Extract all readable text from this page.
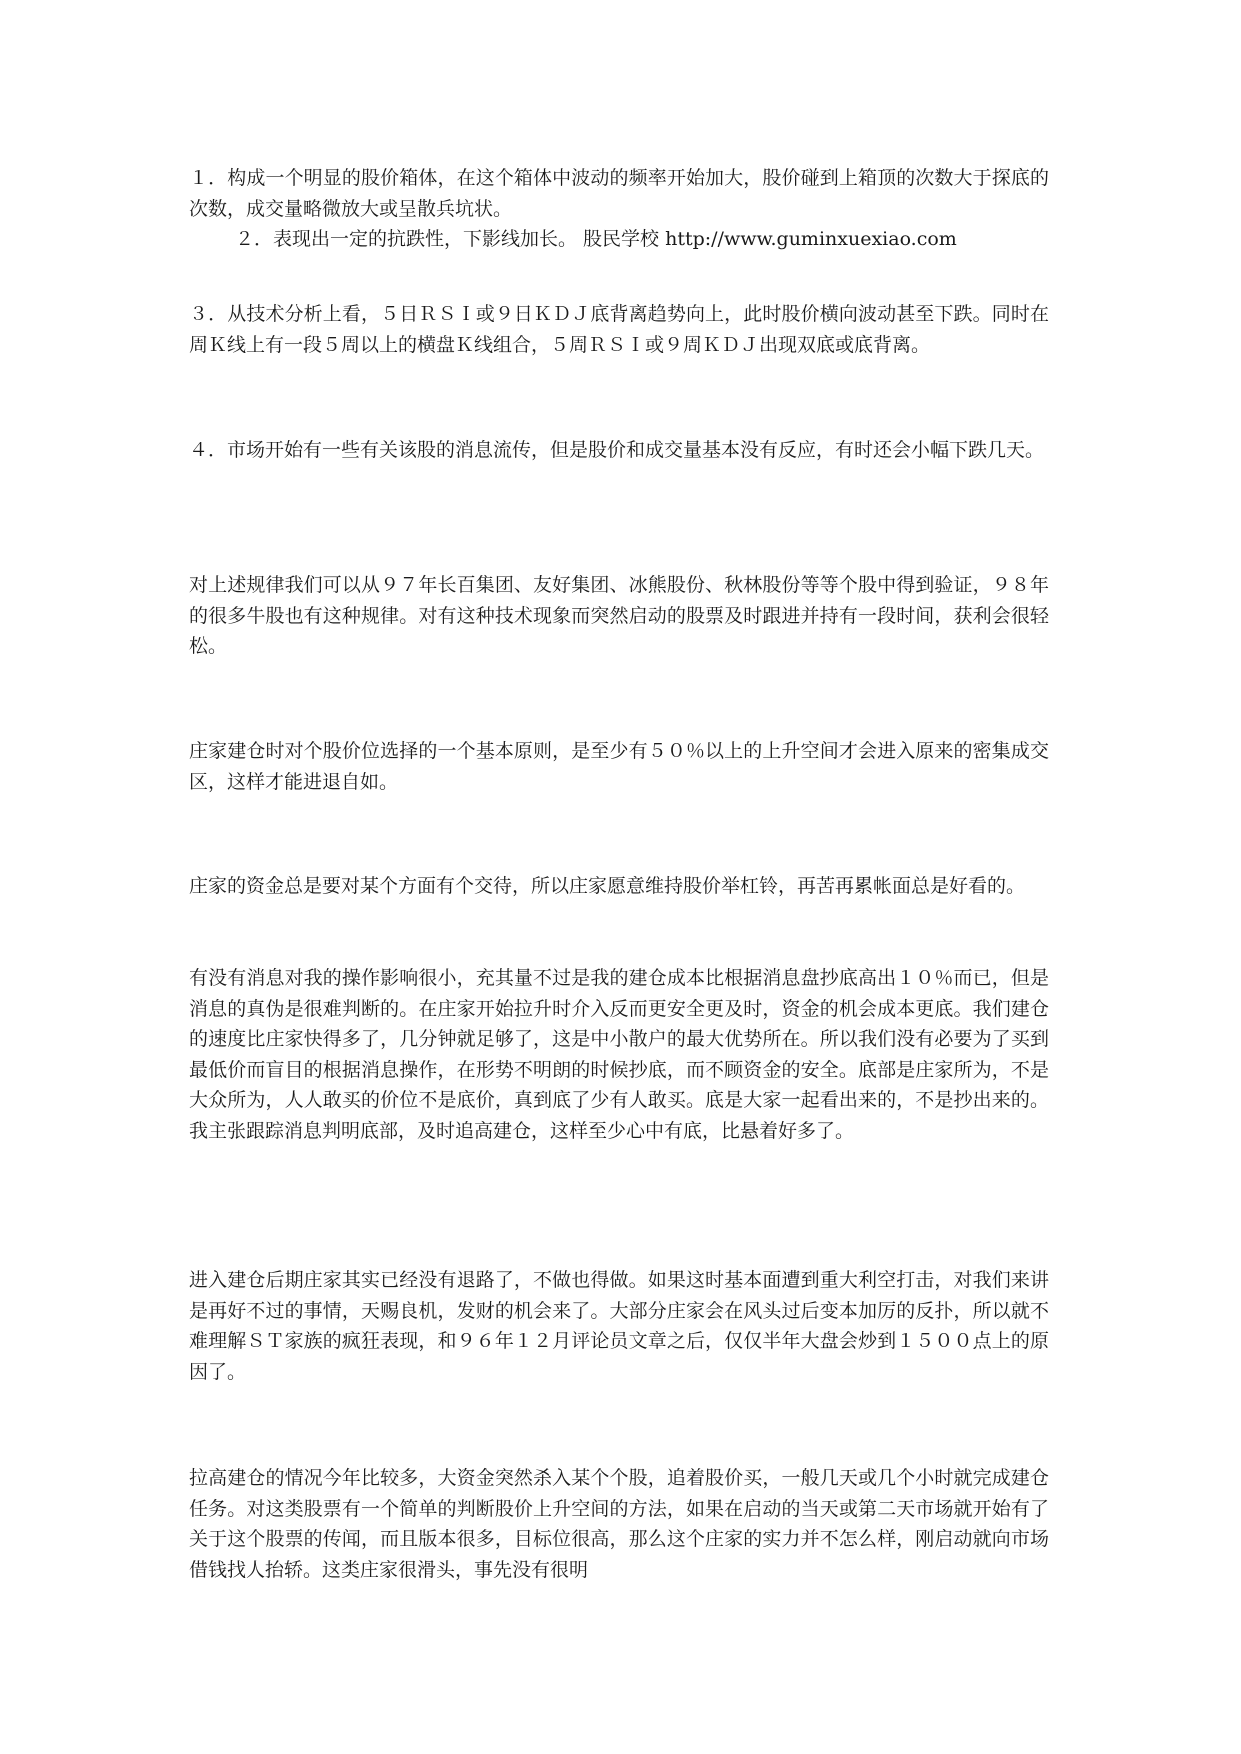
１．构成一个明显的股价箱体，在这个箱体中波动的频率开始加大，股价碰到上箱顶的次数大于探底的次数，成交量略微放大或呈散兵坑状。

２．表现出一定的抗跌性，下影线加长。 股民学校 http://www.guminxuexiao.com

３．从技术分析上看，５日ＲＳＩ或９日ＫＤＪ底背离趋势向上，此时股价横向波动甚至下跌。同时在周Ｋ线上有一段５周以上的横盘Ｋ线组合，５周ＲＳＩ或９周ＫＤＪ出现双底或底背离。

４．市场开始有一些有关该股的消息流传，但是股价和成交量基本没有反应，有时还会小幅下跌几天。

对上述规律我们可以从９７年长百集团、友好集团、冰熊股份、秋林股份等等个股中得到验证，９８年的很多牛股也有这种规律。对有这种技术现象而突然启动的股票及时跟进并持有一段时间，获利会很轻松。

庄家建仓时对个股价位选择的一个基本原则，是至少有５０％以上的上升空间才会进入原来的密集成交区，这样才能进退自如。

庄家的资金总是要对某个方面有个交待，所以庄家愿意维持股价举杠铃，再苦再累帐面总是好看的。

有没有消息对我的操作影响很小，充其量不过是我的建仓成本比根据消息盘抄底高出１０％而已，但是消息的真伪是很难判断的。在庄家开始拉升时介入反而更安全更及时，资金的机会成本更底。我们建仓的速度比庄家快得多了，几分钟就足够了，这是中小散户的最大优势所在。所以我们没有必要为了买到最低价而盲目的根据消息操作，在形势不明朗的时候抄底，而不顾资金的安全。底部是庄家所为，不是大众所为，人人敢买的价位不是底价，真到底了少有人敢买。底是大家一起看出来的，不是抄出来的。我主张跟踪消息判明底部，及时追高建仓，这样至少心中有底，比悬着好多了。

进入建仓后期庄家其实已经没有退路了，不做也得做。如果这时基本面遭到重大利空打击，对我们来讲是再好不过的事情，天赐良机，发财的机会来了。大部分庄家会在风头过后变本加厉的反扑，所以就不难理解ＳＴ家族的疯狂表现，和９６年１２月评论员文章之后，仅仅半年大盘会炒到１５００点上的原因了。

拉高建仓的情况今年比较多，大资金突然杀入某个个股，追着股价买，一般几天或几个小时就完成建仓任务。对这类股票有一个简单的判断股价上升空间的方法，如果在启动的当天或第二天市场就开始有了关于这个股票的传闻，而且版本很多，目标位很高，那么这个庄家的实力并不怎么样，刚启动就向市场借钱找人抬轿。这类庄家很滑头，事先没有很明
